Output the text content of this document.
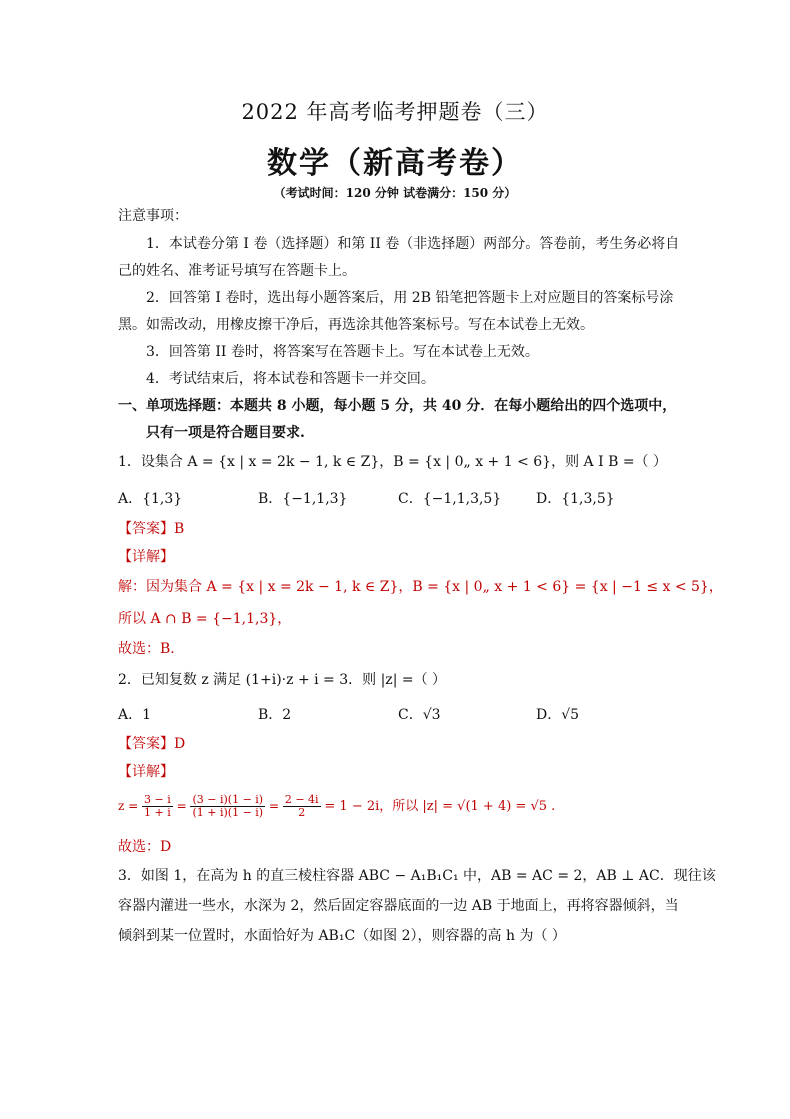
2022 年高考临考押题卷（三）
数学（新高考卷）
（考试时间：120 分钟 试卷满分：150 分）
注意事项：
1．本试卷分第 I 卷（选择题）和第 II 卷（非选择题）两部分。答卷前，考生务必将自
己的姓名、准考证号填写在答题卡上。
2．回答第 I 卷时，选出每小题答案后，用 2B 铅笔把答题卡上对应题目的答案标号涂
黑。如需改动，用橡皮擦干净后，再选涂其他答案标号。写在本试卷上无效。
3．回答第 II 卷时，将答案写在答题卡上。写在本试卷上无效。
4．考试结束后，将本试卷和答题卡一并交回。
一、单项选择题：本题共 8 小题，每小题 5 分，共 40 分．在每小题给出的四个选项中，
只有一项是符合题目要求.
1．设集合 A = {x | x = 2k − 1, k ∈ Z}，B = {x | 0„ x + 1 < 6}，则 A I B =（ ）
A．{1,3}	B．{−1,1,3}	C．{−1,1,3,5} D．{1,3,5}
【答案】B
【详解】
解：因为集合 A = {x | x = 2k − 1, k ∈ Z}，B = {x | 0„ x + 1 < 6} = {x | −1 ≤ x < 5}，
所以 A ∩ B = {−1,1,3}，
故选：B.
2．已知复数 z 满足 (1+i)·z + i = 3．则 |z| =（ ）
A．1	B．2	C．√3	D．√5
【答案】D
【详解】
$z = \frac{3 - i}{1 + i} = \frac{(3 - i)(1 - i)}{(1 + i)(1 - i)} = \frac{2 - 4i}{2} = 1 - 2i$，所以 |z| = √(1 + 4) = √5 .
故选：D
3．如图 1，在高为 h 的直三棱柱容器 ABC − A₁B₁C₁ 中，AB = AC = 2，AB ⊥ AC．现往该
容器内灌进一些水，水深为 2，然后固定容器底面的一边 AB 于地面上，再将容器倾斜，当
倾斜到某一位置时，水面恰好为 AB₁C（如图 2），则容器的高 h 为（ ）
